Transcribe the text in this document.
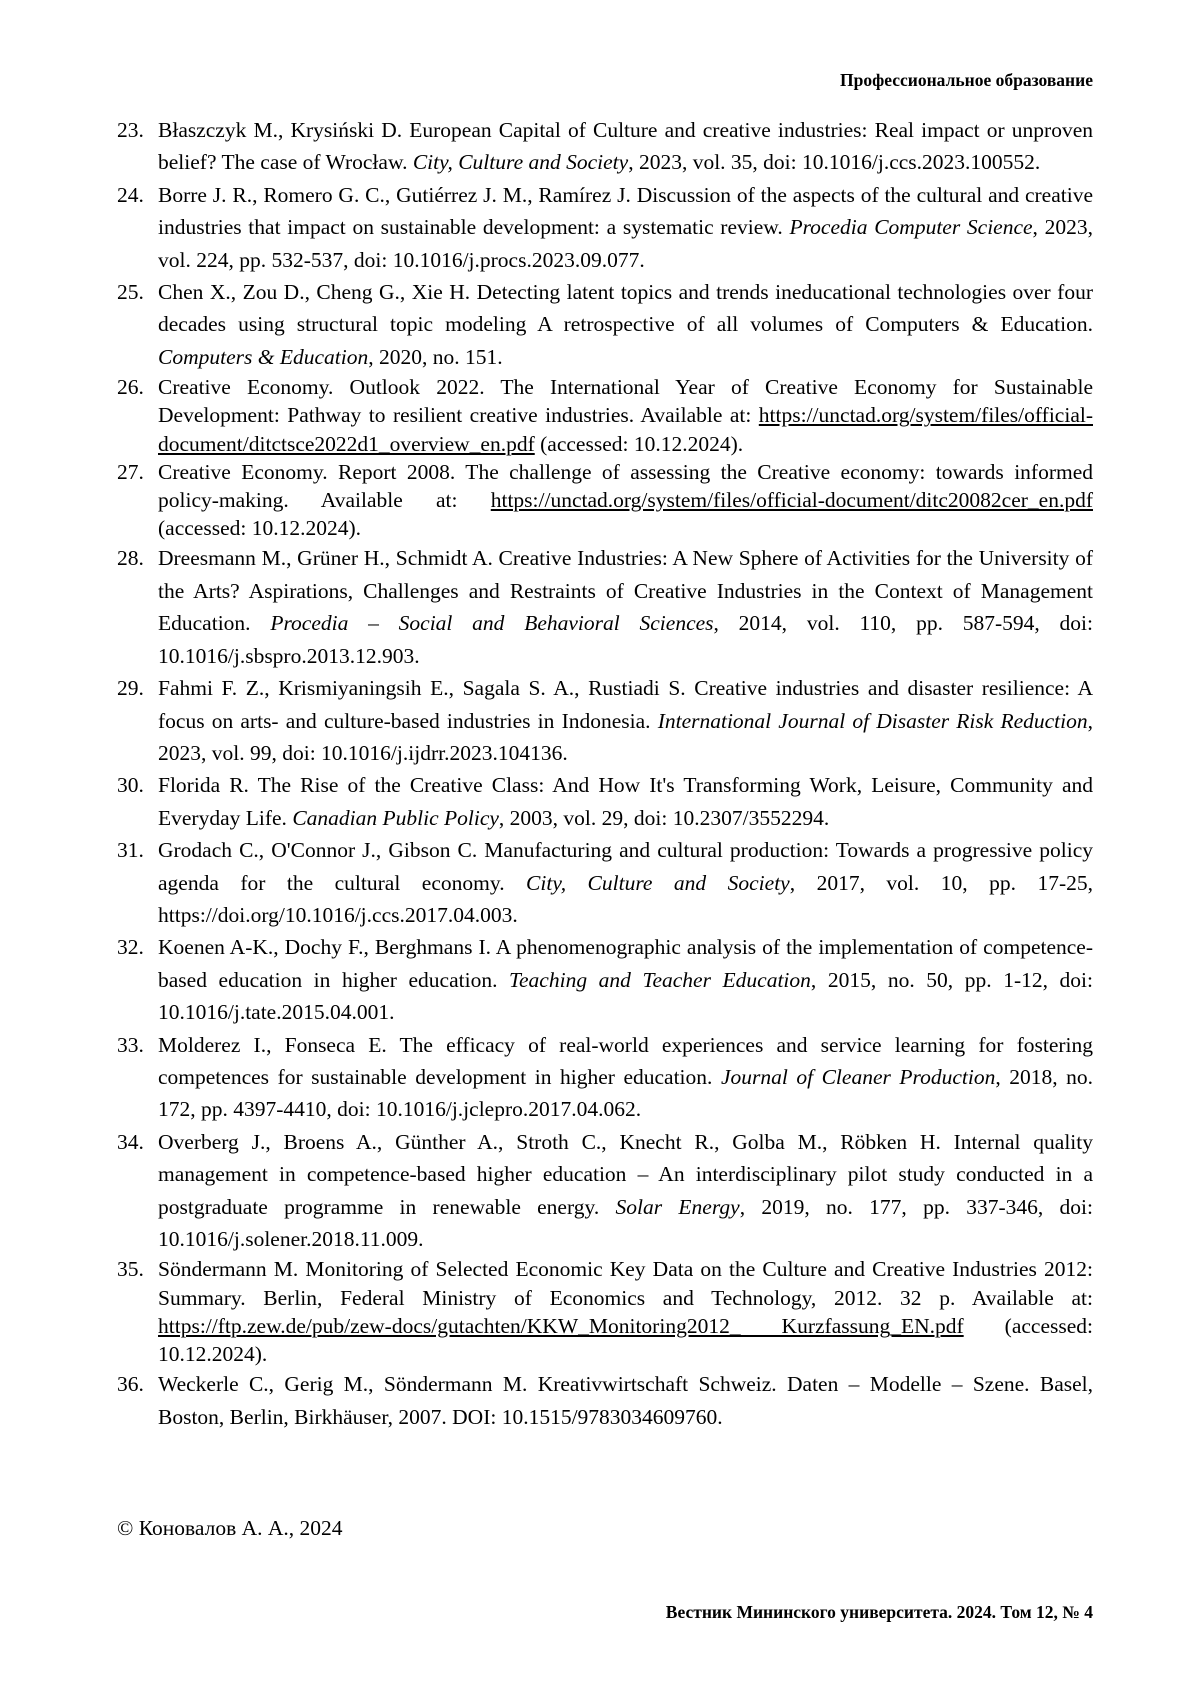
Профессиональное образование
23. Błaszczyk M., Krysiński D. European Capital of Culture and creative industries: Real impact or unproven belief? The case of Wrocław. City, Culture and Society, 2023, vol. 35, doi: 10.1016/j.ccs.2023.100552.
24. Borre J. R., Romero G. C., Gutiérrez J. M., Ramírez J. Discussion of the aspects of the cultural and creative industries that impact on sustainable development: a systematic review. Procedia Computer Science, 2023, vol. 224, pp. 532-537, doi: 10.1016/j.procs.2023.09.077.
25. Chen X., Zou D., Cheng G., Xie H. Detecting latent topics and trends ineducational technologies over four decades using structural topic modeling A retrospective of all volumes of Computers & Education. Computers & Education, 2020, no. 151.
26. Creative Economy. Outlook 2022. The International Year of Creative Economy for Sustainable Development: Pathway to resilient creative industries. Available at: https://unctad.org/system/files/official-document/ditctsce2022d1_overview_en.pdf (accessed: 10.12.2024).
27. Creative Economy. Report 2008. The challenge of assessing the Creative economy: towards informed policy-making. Available at: https://unctad.org/system/files/official-document/ditc20082cer_en.pdf (accessed: 10.12.2024).
28. Dreesmann M., Grüner H., Schmidt A. Creative Industries: A New Sphere of Activities for the University of the Arts? Aspirations, Challenges and Restraints of Creative Industries in the Context of Management Education. Procedia – Social and Behavioral Sciences, 2014, vol. 110, pp. 587-594, doi: 10.1016/j.sbspro.2013.12.903.
29. Fahmi F. Z., Krismiyaningsih E., Sagala S. A., Rustiadi S. Creative industries and disaster resilience: A focus on arts- and culture-based industries in Indonesia. International Journal of Disaster Risk Reduction, 2023, vol. 99, doi: 10.1016/j.ijdrr.2023.104136.
30. Florida R. The Rise of the Creative Class: And How It's Transforming Work, Leisure, Community and Everyday Life. Canadian Public Policy, 2003, vol. 29, doi: 10.2307/3552294.
31. Grodach C., O'Connor J., Gibson C. Manufacturing and cultural production: Towards a progressive policy agenda for the cultural economy. City, Culture and Society, 2017, vol. 10, pp. 17-25, https://doi.org/10.1016/j.ccs.2017.04.003.
32. Koenen A-K., Dochy F., Berghmans I. A phenomenographic analysis of the implementation of competence-based education in higher education. Teaching and Teacher Education, 2015, no. 50, pp. 1-12, doi: 10.1016/j.tate.2015.04.001.
33. Molderez I., Fonseca E. The efficacy of real-world experiences and service learning for fostering competences for sustainable development in higher education. Journal of Cleaner Production, 2018, no. 172, pp. 4397-4410, doi: 10.1016/j.jclepro.2017.04.062.
34. Overberg J., Broens A., Günther A., Stroth C., Knecht R., Golba M., Röbken H. Internal quality management in competence-based higher education – An interdisciplinary pilot study conducted in a postgraduate programme in renewable energy. Solar Energy, 2019, no. 177, pp. 337-346, doi: 10.1016/j.solener.2018.11.009.
35. Söndermann M. Monitoring of Selected Economic Key Data on the Culture and Creative Industries 2012: Summary. Berlin, Federal Ministry of Economics and Technology, 2012. 32 p. Available at: https://ftp.zew.de/pub/zew-docs/gutachten/KKW_Monitoring2012_ Kurzfassung_EN.pdf (accessed: 10.12.2024).
36. Weckerle C., Gerig M., Söndermann M. Kreativwirtschaft Schweiz. Daten – Modelle – Szene. Basel, Boston, Berlin, Birkhäuser, 2007. DOI: 10.1515/9783034609760.
© Коновалов А. А., 2024
Вестник Мининского университета. 2024. Том 12, № 4
